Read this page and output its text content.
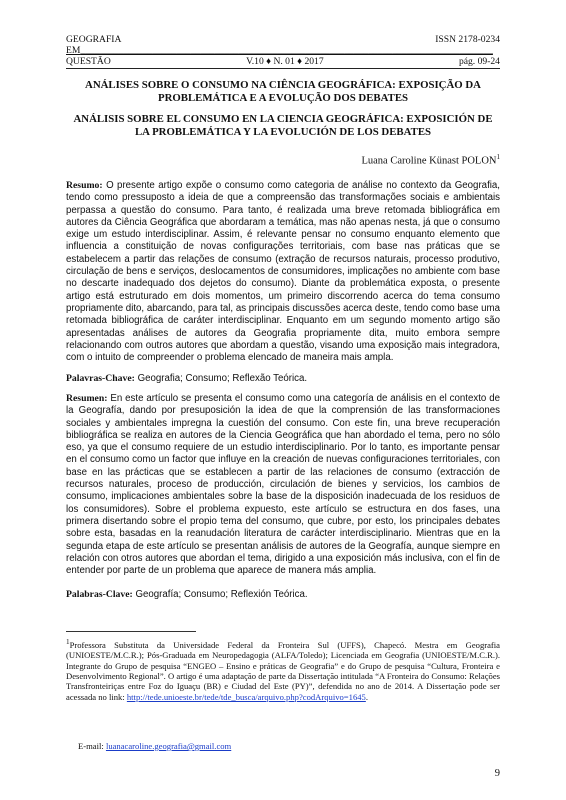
GEOGRAFIA	ISSN 2178-0234
EM______________________________________________________________________________________
QUESTÃO	V.10 ♦ N. 01 ♦ 2017	pág. 09-24
ANÁLISES SOBRE O CONSUMO NA CIÊNCIA GEOGRÁFICA: EXPOSIÇÃO DA PROBLEMÁTICA E A EVOLUÇÃO DOS DEBATES
ANÁLISIS SOBRE EL CONSUMO EN LA CIENCIA GEOGRÁFICA: EXPOSICIÓN DE LA PROBLEMÁTICA Y LA EVOLUCIÓN DE LOS DEBATES
Luana Caroline Künast POLON$^1$

Resumo: O presente artigo expõe o consumo como categoria de análise no contexto da Geografia, tendo como pressuposto a ideia de que a compreensão das transformações sociais e ambientais perpassa a questão do consumo. Para tanto, é realizada uma breve retomada bibliográfica em autores da Ciência Geográfica que abordaram a temática, mas não apenas nesta, já que o consumo exige um estudo interdisciplinar. Assim, é relevante pensar no consumo enquanto elemento que influencia a constituição de novas configurações territoriais, com base nas práticas que se estabelecem a partir das relações de consumo (extração de recursos naturais, processo produtivo, circulação de bens e serviços, deslocamentos de consumidores, implicações no ambiente com base no descarte inadequado dos dejetos do consumo). Diante da problemática exposta, o presente artigo está estruturado em dois momentos, um primeiro discorrendo acerca do tema consumo propriamente dito, abarcando, para tal, as principais discussões acerca deste, tendo como base uma retomada bibliográfica de caráter interdisciplinar. Enquanto em um segundo momento artigo são apresentadas análises de autores da Geografia propriamente dita, muito embora sempre relacionando com outros autores que abordam a questão, visando uma exposição mais integradora, com o intuito de compreender o problema elencado de maneira mais ampla.

Palavras-Chave: Geografia; Consumo; Reflexão Teórica.

Resumen: En este artículo se presenta el consumo como una categoría de análisis en el contexto de la Geografía, dando por presuposición la idea de que la comprensión de las transformaciones sociales y ambientales impregna la cuestión del consumo. Con este fin, una breve recuperación bibliográfica se realiza en autores de la Ciencia Geográfica que han abordado el tema, pero no sólo eso, ya que el consumo requiere de un estudio interdisciplinario. Por lo tanto, es importante pensar en el consumo como un factor que influye en la creación de nuevas configuraciones territoriales, con base en las prácticas que se establecen a partir de las relaciones de consumo (extracción de recursos naturales, proceso de producción, circulación de bienes y servicios, los cambios de consumo, implicaciones ambientales sobre la base de la disposición inadecuada de los residuos de los consumidores). Sobre el problema expuesto, este artículo se estructura en dos fases, una primera disertando sobre el propio tema del consumo, que cubre, por esto, los principales debates sobre esta, basadas en la reanudación literatura de carácter interdisciplinario. Mientras que en la segunda etapa de este artículo se presentan análisis de autores de la Geografía, aunque siempre en relación con otros autores que abordan el tema, dirigido a una exposición más inclusiva, con el fin de entender por parte de un problema que aparece de manera más amplia.

Palabras-Clave: Geografía; Consumo; Reflexión Teórica.

$^1$Professora Substituta da Universidade Federal da Fronteira Sul (UFFS), Chapecó. Mestra em Geografia (UNIOESTE/M.C.R.); Pós-Graduada em Neuropedagogia (ALFA/Toledo); Licenciada em Geografia (UNIOESTE/M.C.R.). Integrante do Grupo de pesquisa “ENGEO – Ensino e práticas de Geografia” e do Grupo de pesquisa “Cultura, Fronteira e Desenvolvimento Regional”. O artigo é uma adaptação de parte da Dissertação intitulada “A Fronteira do Consumo: Relações Transfronteiriças entre Foz do Iguaçu (BR) e Ciudad del Este (PY)”, defendida no ano de 2014. A Dissertação pode ser acessada no link: http://tede.unioeste.br/tede/tde_busca/arquivo.php?codArquivo=1645.

E-mail: luanacaroline.geografia@gmail.com

9
